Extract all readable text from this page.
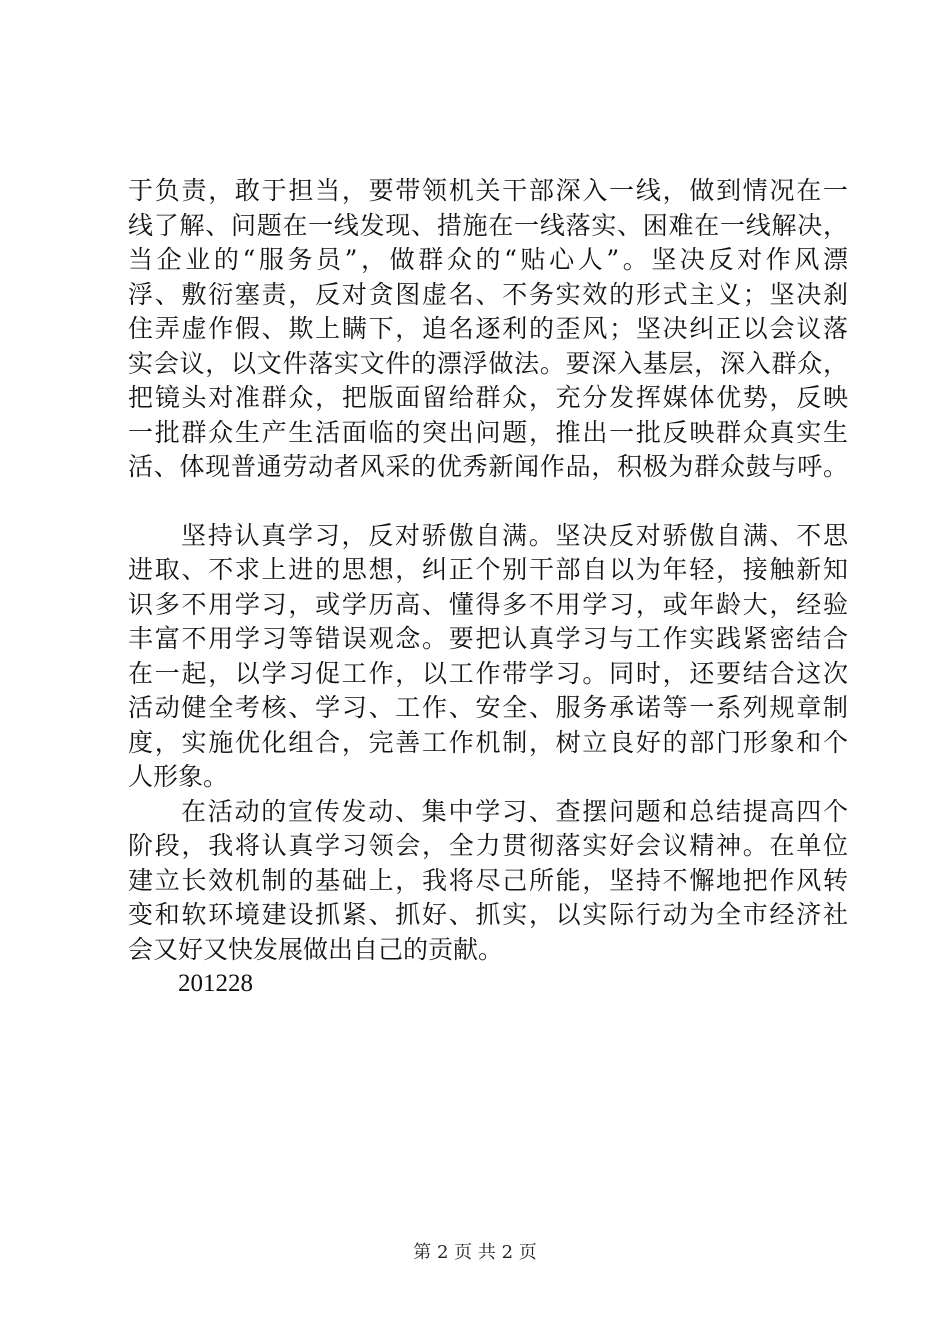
于负责，敢于担当，要带领机关干部深入一线，做到情况在一
线了解、问题在一线发现、措施在一线落实、困难在一线解决，
当企业的“服务员”，做群众的“贴心人”。坚决反对作风漂
浮、敷衍塞责，反对贪图虚名、不务实效的形式主义；坚决刹
住弄虚作假、欺上瞒下，追名逐利的歪风；坚决纠正以会议落
实会议，以文件落实文件的漂浮做法。要深入基层，深入群众，
把镜头对准群众，把版面留给群众，充分发挥媒体优势，反映
一批群众生产生活面临的突出问题，推出一批反映群众真实生
活、体现普通劳动者风采的优秀新闻作品，积极为群众鼓与呼。
坚持认真学习，反对骄傲自满。坚决反对骄傲自满、不思
进取、不求上进的思想，纠正个别干部自以为年轻，接触新知
识多不用学习，或学历高、懂得多不用学习，或年龄大，经验
丰富不用学习等错误观念。要把认真学习与工作实践紧密结合
在一起，以学习促工作，以工作带学习。同时，还要结合这次
活动健全考核、学习、工作、安全、服务承诺等一系列规章制
度，实施优化组合，完善工作机制，树立良好的部门形象和个
人形象。
在活动的宣传发动、集中学习、查摆问题和总结提高四个
阶段，我将认真学习领会，全力贯彻落实好会议精神。在单位
建立长效机制的基础上，我将尽己所能，坚持不懈地把作风转
变和软环境建设抓紧、抓好、抓实，以实际行动为全市经济社
会又好又快发展做出自己的贡献。
201228
第 2 页 共 2 页
